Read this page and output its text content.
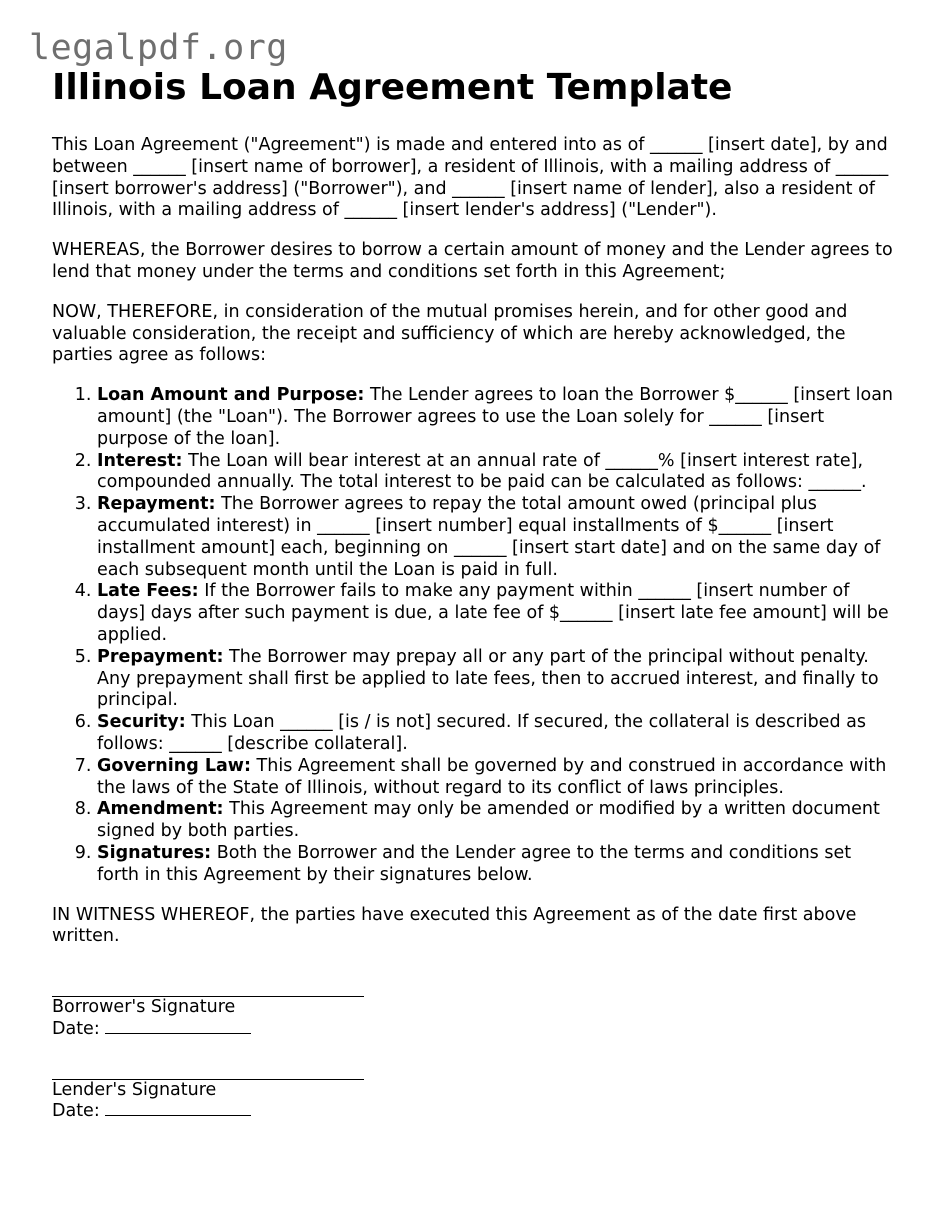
legalpdf.org
Illinois Loan Agreement Template

This Loan Agreement ("Agreement") is made and entered into as of ______ [insert date], by and between ______ [insert name of borrower], a resident of Illinois, with a mailing address of ______ [insert borrower's address] ("Borrower"), and ______ [insert name of lender], also a resident of Illinois, with a mailing address of ______ [insert lender's address] ("Lender").

WHEREAS, the Borrower desires to borrow a certain amount of money and the Lender agrees to lend that money under the terms and conditions set forth in this Agreement;

NOW, THEREFORE, in consideration of the mutual promises herein, and for other good and valuable consideration, the receipt and sufficiency of which are hereby acknowledged, the parties agree as follows:

1. Loan Amount and Purpose: The Lender agrees to loan the Borrower $______ [insert loan amount] (the "Loan"). The Borrower agrees to use the Loan solely for ______ [insert purpose of the loan].
2. Interest: The Loan will bear interest at an annual rate of ______% [insert interest rate], compounded annually. The total interest to be paid can be calculated as follows: ______.
3. Repayment: The Borrower agrees to repay the total amount owed (principal plus accumulated interest) in ______ [insert number] equal installments of $______ [insert installment amount] each, beginning on ______ [insert start date] and on the same day of each subsequent month until the Loan is paid in full.
4. Late Fees: If the Borrower fails to make any payment within ______ [insert number of days] days after such payment is due, a late fee of $______ [insert late fee amount] will be applied.
5. Prepayment: The Borrower may prepay all or any part of the principal without penalty. Any prepayment shall first be applied to late fees, then to accrued interest, and finally to principal.
6. Security: This Loan ______ [is / is not] secured. If secured, the collateral is described as follows: ______ [describe collateral].
7. Governing Law: This Agreement shall be governed by and construed in accordance with the laws of the State of Illinois, without regard to its conflict of laws principles.
8. Amendment: This Agreement may only be amended or modified by a written document signed by both parties.
9. Signatures: Both the Borrower and the Lender agree to the terms and conditions set forth in this Agreement by their signatures below.

IN WITNESS WHEREOF, the parties have executed this Agreement as of the date first above written.

Borrower's Signature
Date:
Lender's Signature
Date:
